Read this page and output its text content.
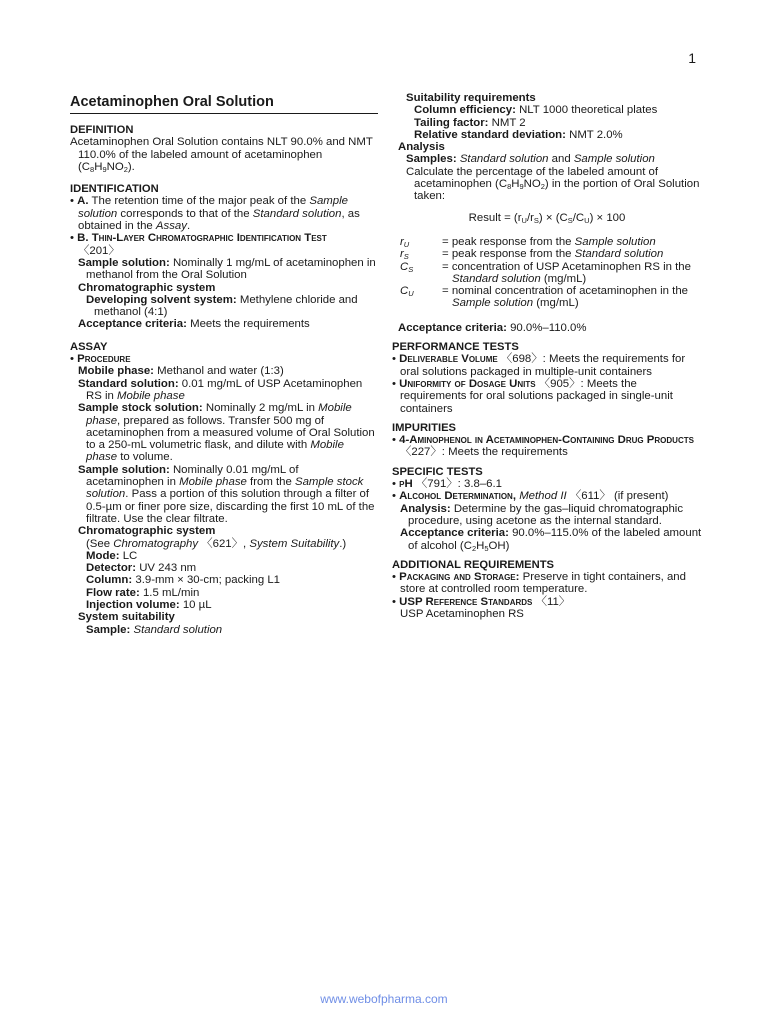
1
Acetaminophen Oral Solution
DEFINITION
Acetaminophen Oral Solution contains NLT 90.0% and NMT 110.0% of the labeled amount of acetaminophen $(C_8H_9NO_2)$.
IDENTIFICATION
• A. The retention time of the major peak of the Sample solution corresponds to that of the Standard solution, as obtained in the Assay.
• B. Thin-Layer Chromatographic Identification Test
〈201〉
Sample solution: Nominally 1 mg/mL of acetaminophen in methanol from the Oral Solution
Chromatographic system
Developing solvent system: Methylene chloride and methanol (4:1)
Acceptance criteria: Meets the requirements
ASSAY
• Procedure
Mobile phase: Methanol and water (1:3)
Standard solution: 0.01 mg/mL of USP Acetaminophen RS in Mobile phase
Sample stock solution: Nominally 2 mg/mL in Mobile phase, prepared as follows. Transfer 500 mg of acetaminophen from a measured volume of Oral Solution to a 250-mL volumetric flask, and dilute with Mobile phase to volume.
Sample solution: Nominally 0.01 mg/mL of acetaminophen in Mobile phase from the Sample stock solution. Pass a portion of this solution through a filter of 0.5-µm or finer pore size, discarding the first 10 mL of the filtrate. Use the clear filtrate.
Chromatographic system
(See Chromatography 〈621〉, System Suitability.)
Mode: LC
Detector: UV 243 nm
Column: 3.9-mm × 30-cm; packing L1
Flow rate: 1.5 mL/min
Injection volume: 10 µL
System suitability
Sample: Standard solution
Suitability requirements
Column efficiency: NLT 1000 theoretical plates
Tailing factor: NMT 2
Relative standard deviation: NMT 2.0%
Analysis
Samples: Standard solution and Sample solution
Calculate the percentage of the labeled amount of acetaminophen $(C_8H_9NO_2)$ in the portion of Oral Solution taken:
Result = $(r_U/r_S) \times (C_S/C_U) \times 100$
$r_U$	= peak response from the Sample solution
$r_S$	= peak response from the Standard solution
$C_S$	= concentration of USP Acetaminophen RS in the Standard solution (mg/mL)
$C_U$	= nominal concentration of acetaminophen in the Sample solution (mg/mL)
Acceptance criteria: 90.0%–110.0%
PERFORMANCE TESTS
• Deliverable Volume 〈698〉: Meets the requirements for oral solutions packaged in multiple-unit containers
• Uniformity of Dosage Units 〈905〉: Meets the requirements for oral solutions packaged in single-unit containers
IMPURITIES
• 4-Aminophenol in Acetaminophen-Containing Drug Products 〈227〉: Meets the requirements
SPECIFIC TESTS
• pH 〈791〉: 3.8–6.1
• Alcohol Determination, Method II 〈611〉 (if present)
Analysis: Determine by the gas–liquid chromatographic procedure, using acetone as the internal standard.
Acceptance criteria: 90.0%–115.0% of the labeled amount of alcohol $(C_2H_5OH)$
ADDITIONAL REQUIREMENTS
• Packaging and Storage: Preserve in tight containers, and store at controlled room temperature.
• USP Reference Standards 〈11〉
USP Acetaminophen RS
www.webofpharma.com
